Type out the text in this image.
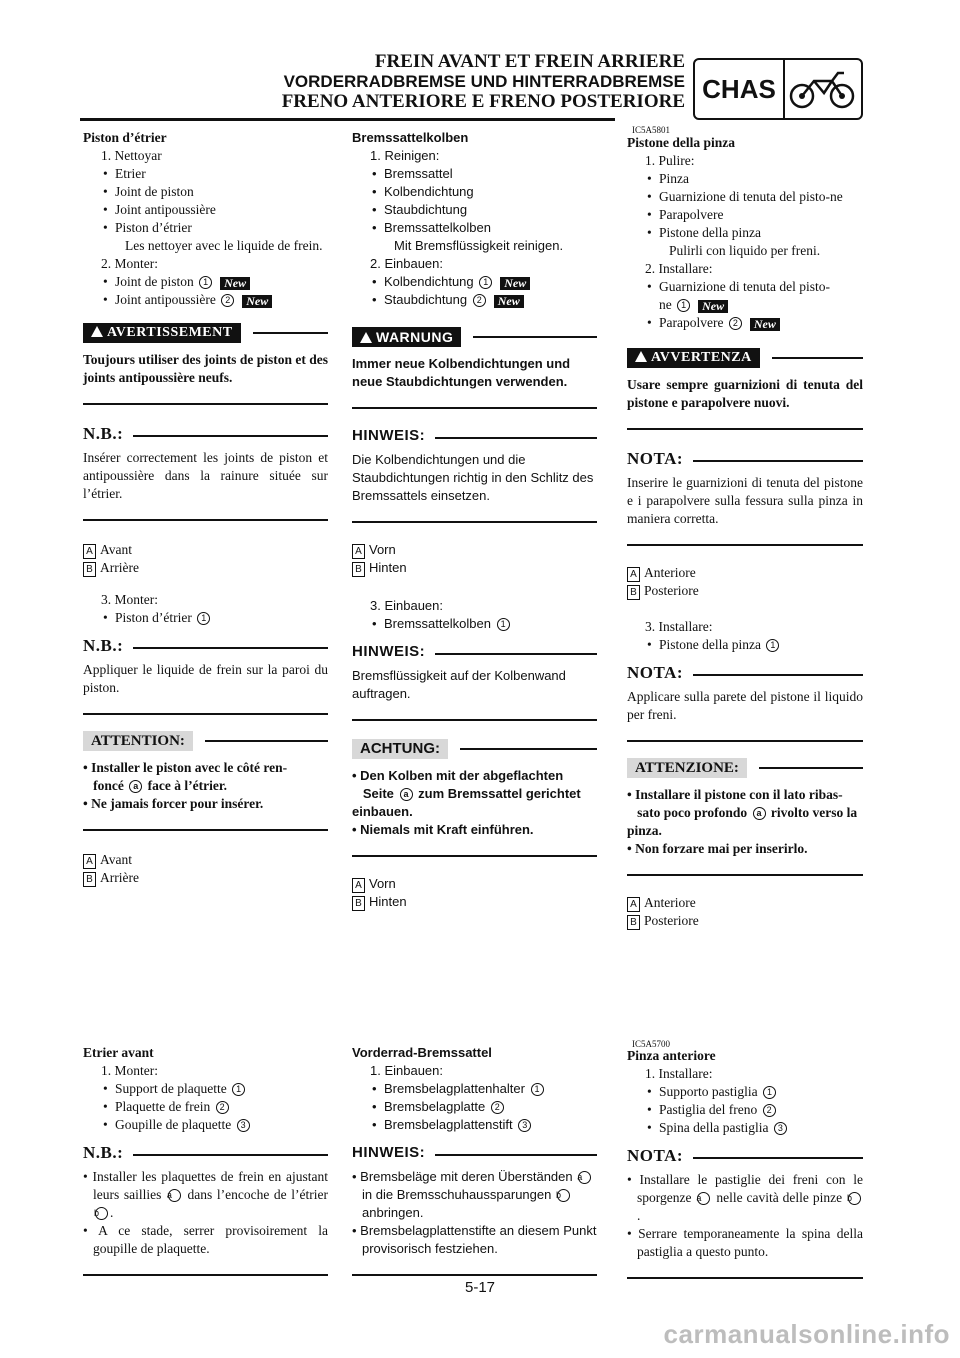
FREIN AVANT ET FREIN ARRIERE
VORDERRADBREMSE UND HINTERRADBREMSE
FRENO ANTERIORE E FRENO POSTERIORE CHAS
Piston d’étrier
1. Nettoyar
• Etrier
• Joint de piston
• Joint antipoussière
• Piston d’étrier
Les nettoyer avec le liquide de frein.
2. Monter:
• Joint de piston 1 New
• Joint antipoussière 2 New
AVERTISSEMENT
Toujours utiliser des joints de piston et des joints antipoussière neufs.
N.B.:
Insérer correctement les joints de piston et antipoussière dans la rainure située sur l’étrier.
A Avant
B Arrière
3. Monter:
• Piston d’étrier 1
N.B.:
Appliquer le liquide de frein sur la paroi du piston.
ATTENTION:
• Installer le piston avec le côté ren-
foncé a face à l’étrier.
• Ne jamais forcer pour insérer.
A Avant
B Arrière
Etrier avant
1. Monter:
• Support de plaquette 1
• Plaquette de frein 2
• Goupille de plaquette 3
N.B.:
• Installer les plaquettes de frein en ajustant leurs saillies a dans l’encoche de l’étrier b .
• A ce stade, serrer provisoirement la goupille de plaquette.
Bremssattelkolben
1. Reinigen:
• Bremssattel
• Kolbendichtung
• Staubdichtung
• Bremssattelkolben
Mit Bremsflüssigkeit reinigen.
2. Einbauen:
• Kolbendichtung 1 New
• Staubdichtung 2 New
WARNUNG
Immer neue Kolbendichtungen und neue Staubdichtungen verwenden.
HINWEIS:
Die Kolbendichtungen und die Staubdichtungen richtig in den Schlitz des Bremssattels einsetzen.
A Vorn
B Hinten
3. Einbauen:
• Bremssattelkolben 1
HINWEIS:
Bremsflüssigkeit auf der Kolbenwand auftragen.
ACHTUNG:
• Den Kolben mit der abgeflachten
Seite a zum Bremssattel gerichtet einbauen.
• Niemals mit Kraft einführen.
A Vorn
B Hinten
Vorderrad-Bremssattel
1. Einbauen:
• Bremsbelagplattenhalter 1
• Bremsbelagplatte 2
• Bremsbelagplattenstift 3
HINWEIS:
• Bremsbeläge mit deren Überständen a in die Bremsschuhaussparungen b anbringen.
• Bremsbelagplattenstifte an diesem Punkt provisorisch festziehen.
IC5A5801
Pistone della pinza
1. Pulire:
• Pinza
• Guarnizione di tenuta del pisto-ne
• Parapolvere
• Pistone della pinza
Pulirli con liquido per freni.
2. Installare:
• Guarnizione di tenuta del pisto-
ne 1 New
• Parapolvere 2 New
AVVERTENZA
Usare sempre guarnizioni di tenuta del pistone e parapolvere nuovi.
NOTA:
Inserire le guarnizioni di tenuta del pistone e i parapolvere sulla fessura sulla pinza in maniera corretta.
A Anteriore
B Posteriore
3. Installare:
• Pistone della pinza 1
NOTA:
Applicare sulla parete del pistone il liquido per freni.
ATTENZIONE:
• Installare il pistone con il lato ribas-
sato poco profondo a rivolto verso la pinza.
• Non forzare mai per inserirlo.
A Anteriore
B Posteriore
IC5A5700
Pinza anteriore
1. Installare:
• Supporto pastiglia 1
• Pastiglia del freno 2
• Spina della pastiglia 3
NOTA:
• Installare le pastiglie dei freni con le sporgenze a nelle cavità delle pinze b.
• Serrare temporaneamente la spina della pastiglia a questo punto.
5-17
carmanualsonline.info
